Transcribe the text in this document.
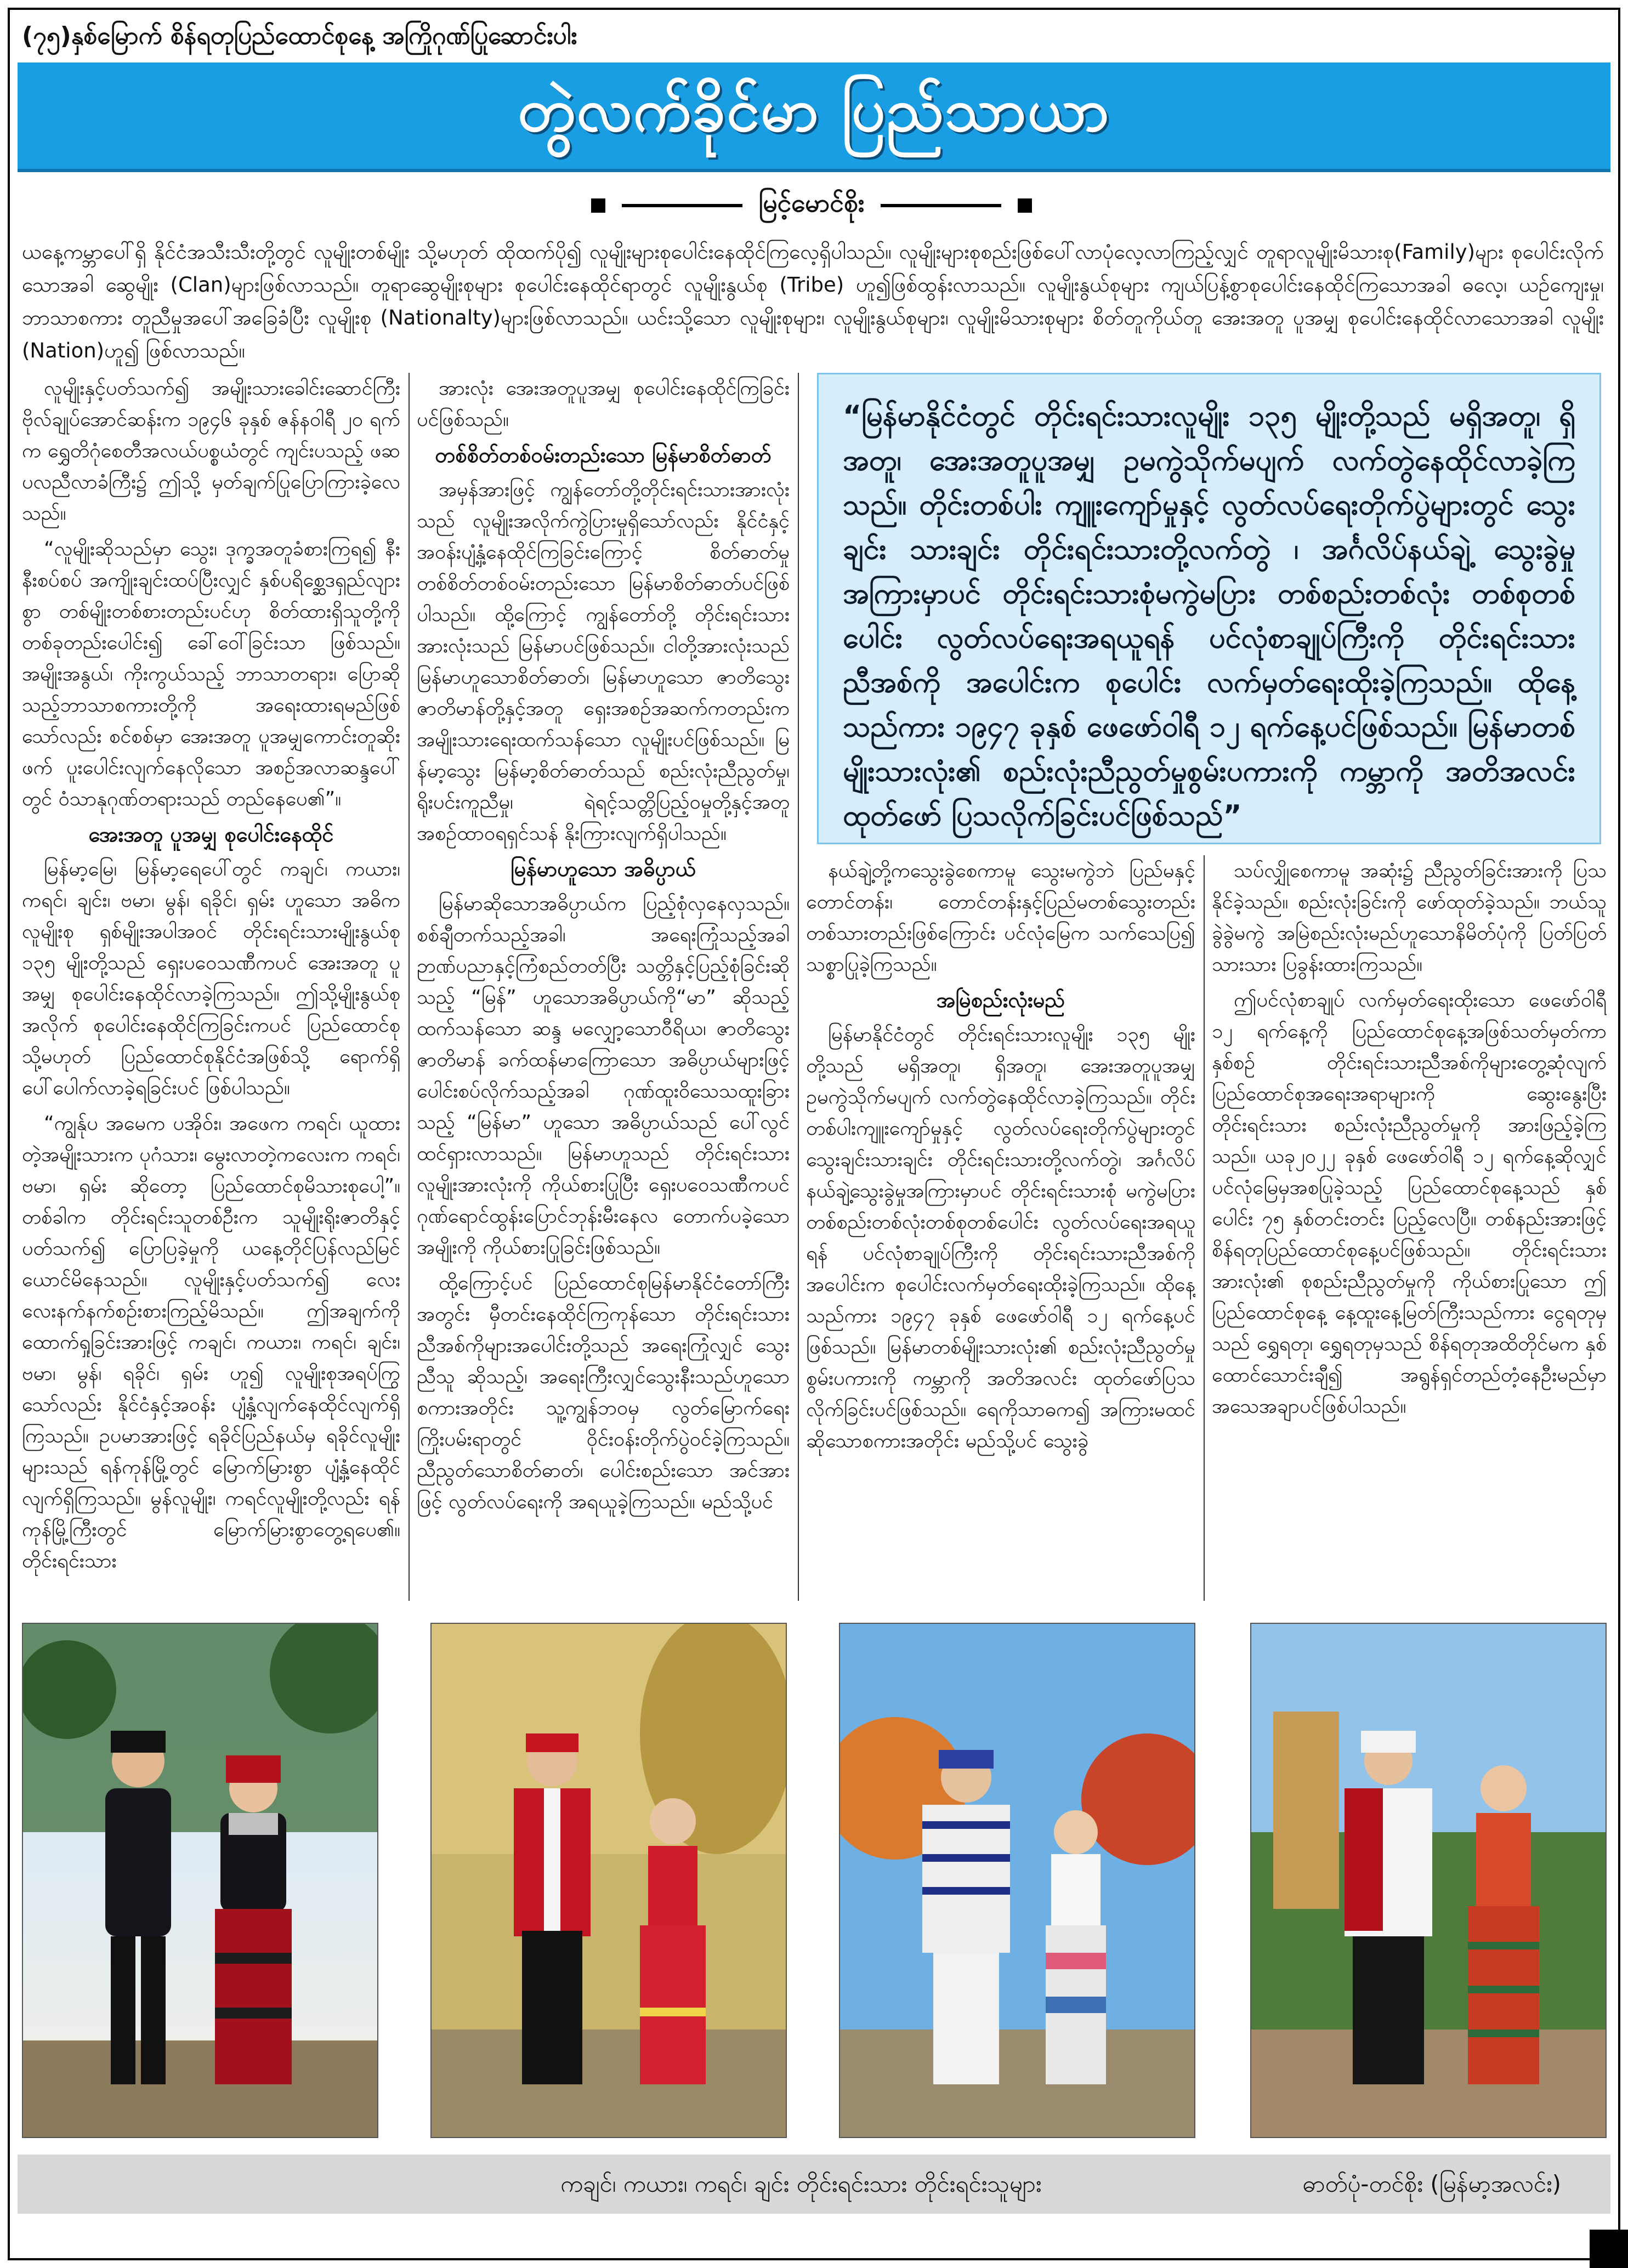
(၇၅)နှစ်မြောက် စိန်ရတုပြည်ထောင်စုနေ့ အကြိုဂုဏ်ပြုဆောင်းပါး
တွဲလက်ခိုင်မာ ပြည်သာယာ
မြင့်မောင်စိုး
ယနေ့ကမ္ဘာပေါ်ရှိ နိုင်ငံအသီးသီးတို့တွင် လူမျိုးတစ်မျိုး သို့မဟုတ် ထိုထက်ပို၍ လူမျိုးများစုပေါင်းနေထိုင်ကြလေ့ရှိပါသည်။ လူမျိုးများစုစည်းဖြစ်ပေါ်လာပုံလေ့လာကြည့်လျှင် တူရာလူမျိုးမိသားစု(Family)များ စုပေါင်းလိုက်သောအခါ ဆွေမျိုး (Clan)များဖြစ်လာသည်။ တူရာဆွေမျိုးစုများ စုပေါင်းနေထိုင်ရာတွင် လူမျိုးနွယ်စု (Tribe) ဟူ၍ဖြစ်ထွန်းလာသည်။ လူမျိုးနွယ်စုများ ကျယ်ပြန့်စွာစုပေါင်းနေထိုင်ကြသောအခါ ဓလေ့၊ ယဉ်ကျေးမှု၊ ဘာသာစကား တူညီမှုအပေါ်အခြေခံပြီး လူမျိုးစု (Nationalty)များဖြစ်လာသည်။ ယင်းသို့သော လူမျိုးစုများ၊ လူမျိုးနွယ်စုများ၊ လူမျိုးမိသားစုများ စိတ်တူကိုယ်တူ အေးအတူ ပူအမျှ စုပေါင်းနေထိုင်လာသောအခါ လူမျိုး (Nation)ဟူ၍ ဖြစ်လာသည်။

လူမျိုးနှင့်ပတ်သက်၍ အမျိုးသားခေါင်းဆောင်ကြီး ဗိုလ်ချုပ်အောင်ဆန်းက ၁၉၄၆ ခုနှစ် ဇန်နဝါရီ ၂၀ ရက်က ရွှေတိဂုံစေတီအလယ်ပစ္စယံတွင် ကျင်းပသည့် ဖဆပလညီလာခံကြီး၌ ဤသို့ မှတ်ချက်ပြုပြောကြားခဲ့လေသည်။

“လူမျိုးဆိုသည်မှာ သွေး၊ ဒုက္ခအတူခံစားကြရ၍ နီးနီးစပ်စပ် အကျိုးချင်းထပ်ပြီးလျှင် နှစ်ပရိစ္ဆေဒရှည်လျားစွာ တစ်မျိုးတစ်စားတည်းပင်ဟု စိတ်ထားရှိသူတို့ကို တစ်ခုတည်းပေါင်း၍ ခေါ်ဝေါ်ခြင်းသာ ဖြစ်သည်။ အမျိုးအနွယ်၊ ကိုးကွယ်သည့် ဘာသာတရား၊ ပြောဆိုသည့်ဘာသာစကားတို့ကို အရေးထားရမည်ဖြစ်သော်လည်း စင်စစ်မှာ အေးအတူ ပူအမျှကောင်းတူဆိုးဖက် ပူးပေါင်းလျက်နေလိုသော အစဉ်အလာဆန္ဒပေါ်တွင် ဝံသာနုဂုဏ်တရားသည် တည်နေပေ၏”။

အေးအတူ ပူအမျှ စုပေါင်းနေထိုင်

မြန်မာ့မြေ၊ မြန်မာ့ရေပေါ်တွင် ကချင်၊ ကယား၊ ကရင်၊ ချင်း၊ ဗမာ၊ မွန်၊ ရခိုင်၊ ရှမ်း ဟူသော အဓိကလူမျိုးစု ရှစ်မျိုးအပါအဝင် တိုင်းရင်းသားမျိုးနွယ်စု ၁၃၅ မျိုးတို့သည် ရှေးပဝေသဏီကပင် အေးအတူ ပူအမျှ စုပေါင်းနေထိုင်လာခဲ့ကြသည်။ ဤသို့မျိုးနွယ်စုအလိုက် စုပေါင်းနေထိုင်ကြခြင်းကပင် ပြည်ထောင်စု သို့မဟုတ် ပြည်ထောင်စုနိုင်ငံအဖြစ်သို့ ရောက်ရှိပေါ်ပေါက်လာခဲ့ရခြင်းပင် ဖြစ်ပါသည်။

“ကျွန်ုပ အမေက ပအိုဝ်း၊ အဖေက ကရင်၊ ယူထားတဲ့အမျိုးသားက ပုဂံသား၊ မွေးလာတဲ့ကလေးက ကရင်၊ ဗမာ၊ ရှမ်း ဆိုတော့ ပြည်ထောင်စုမိသားစုပေါ့”။ တစ်ခါက တိုင်းရင်းသူတစ်ဦးက သူမျိုးရိုးဇာတိနှင့်ပတ်သက်၍ ပြောပြခဲ့မှုကို ယနေ့တိုင်ပြန်လည်မြင်ယောင်မိနေသည်။ လူမျိုးနှင့်ပတ်သက်၍ လေးလေးနက်နက်စဉ်းစားကြည့်မိသည်။ ဤအချက်ကိုထောက်ရှုခြင်းအားဖြင့် ကချင်၊ ကယား၊ ကရင်၊ ချင်း၊ ဗမာ၊ မွန်၊ ရခိုင်၊ ရှမ်း ဟူ၍ လူမျိုးစုအရပ်ကြွသော်လည်း နိုင်ငံနှင့်အဝန်း ပျံ့နှံ့လျက်နေထိုင်လျက်ရှိကြသည်။ ဥပမာအားဖြင့် ရခိုင်ပြည်နယ်မှ ရခိုင်လူမျိုးများသည် ရန်ကုန်မြို့တွင် မြောက်မြားစွာ ပျံ့နှံ့နေထိုင်လျက်ရှိကြသည်။ မွန်လူမျိုး၊ ကရင်လူမျိုးတို့လည်း ရန်ကုန်မြို့ကြီးတွင် မြောက်မြားစွာတွေ့ရပေ၏။ တိုင်းရင်းသား

အားလုံး အေးအတူပူအမျှ စုပေါင်းနေထိုင်ကြခြင်း ပင်ဖြစ်သည်။

တစ်စိတ်တစ်ဝမ်းတည်းသော မြန်မာစိတ်ဓာတ်

အမှန်အားဖြင့် ကျွန်တော်တို့တိုင်းရင်းသားအားလုံးသည် လူမျိုးအလိုက်ကွဲပြားမှုရှိသော်လည်း နိုင်ငံနှင့် အဝန်းပျံ့နှံ့နေထိုင်ကြခြင်းကြောင့် စိတ်ဓာတ်မှု တစ်စိတ်တစ်ဝမ်းတည်းသော မြန်မာစိတ်ဓာတ်ပင်ဖြစ်ပါသည်။ ထို့ကြောင့် ကျွန်တော်တို့ တိုင်းရင်းသားအားလုံးသည် မြန်မာပင်ဖြစ်သည်။ ငါတို့အားလုံးသည် မြန်မာဟူသောစိတ်ဓာတ်၊ မြန်မာဟူသော ဇာတိသွေးဇာတိမာန်တို့နှင့်အတူ ရှေးအစဉ်အဆက်ကတည်းက အမျိုးသားရေးထက်သန်သော လူမျိုးပင်ဖြစ်သည်။ မြန်မာ့သွေး မြန်မာ့စိတ်ဓာတ်သည် စည်းလုံးညီညွတ်မှု၊ ရိုးပင်းကူညီမှု၊ ရဲရင့်သတ္တိပြည့်ဝမှုတို့နှင့်အတူ အစဉ်ထာဝရရှင်သန် နိုးကြားလျက်ရှိပါသည်။

မြန်မာဟူသော အဓိပ္ပာယ်

မြန်မာဆိုသောအဓိပ္ပာယ်က ပြည့်စုံလှနေလှသည်။ စစ်ချီတက်သည့်အခါ၊ အရေးကြုံသည့်အခါ ဉာဏ်ပညာနှင့်ကြံစည်တတ်ပြီး သတ္တိနှင့်ပြည့်စုံခြင်းဆိုသည့် “မြန်” ဟူသောအဓိပ္ပာယ်ကို“မာ” ဆိုသည့် ထက်သန်သော ဆန္ဒ မလျှော့သောဝီရိယ၊ ဇာတိသွေး ဇာတိမာန် ခက်ထန်မာကြောသော အဓိပ္ပာယ်များဖြင့် ပေါင်းစပ်လိုက်သည့်အခါ ဂုဏ်ထူးဝိသေသထူးခြားသည့် “မြန်မာ” ဟူသော အဓိပ္ပာယ်သည် ပေါ်လွင်ထင်ရှားလာသည်။ မြန်မာဟူသည် တိုင်းရင်းသားလူမျိုးအားလုံးကို ကိုယ်စားပြုပြီး ရှေးပဝေသဏီကပင် ဂုဏ်ရောင်ထွန်းပြောင်ဘုန်းမီးနေလ တောက်ပခဲ့သော အမျိုးကို ကိုယ်စားပြုခြင်းဖြစ်သည်။

ထို့ကြောင့်ပင် ပြည်ထောင်စုမြန်မာနိုင်ငံတော်ကြီးအတွင်း မှီတင်းနေထိုင်ကြကုန်သော တိုင်းရင်းသားညီအစ်ကိုများအပေါင်းတို့သည် အရေးကြုံလျှင် သွေးညီသူ ဆိုသည့်၊ အရေးကြီးလျှင်သွေးနီးသည်ဟူသော စကားအတိုင်း သူ့ကျွန်ဘဝမှ လွတ်မြောက်ရေးကြိုးပမ်းရာတွင် ဝိုင်းဝန်းတိုက်ပွဲဝင်ခဲ့ကြသည်။ ညီညွတ်သောစိတ်ဓာတ်၊ ပေါင်းစည်းသော အင်အားဖြင့် လွတ်လပ်ရေးကို အရယူခဲ့ကြသည်။ မည်သို့ပင်

“မြန်မာနိုင်ငံတွင် တိုင်းရင်းသားလူမျိုး ၁၃၅ မျိုးတို့သည် မရှိအတူ၊ ရှိအတူ၊ အေးအတူပူအမျှ ဥမကွဲသိုက်မပျက် လက်တွဲနေထိုင်လာခဲ့ကြသည်။ တိုင်းတစ်ပါး ကျူးကျော်မှုနှင့် လွတ်လပ်ရေးတိုက်ပွဲများတွင် သွေးချင်း သားချင်း တိုင်းရင်းသားတို့လက်တွဲ ၊ အင်္ဂလိပ်နယ်ချဲ့ သွေးခွဲမှုအကြားမှာပင် တိုင်းရင်းသားစုံမကွဲမပြား တစ်စည်းတစ်လုံး တစ်စုတစ်ပေါင်း လွတ်လပ်ရေးအရယူရန် ပင်လုံစာချုပ်ကြီးကို တိုင်းရင်းသားညီအစ်ကို အပေါင်းက စုပေါင်း လက်မှတ်ရေးထိုးခဲ့ကြသည်။ ထိုနေ့သည်ကား ၁၉၄၇ ခုနှစ် ဖေဖော်ဝါရီ ၁၂ ရက်နေ့ပင်ဖြစ်သည်။ မြန်မာတစ်မျိုးသားလုံး၏ စည်းလုံးညီညွတ်မှုစွမ်းပကားကို ကမ္ဘာကို အတိအလင်း ထုတ်ဖော် ပြသလိုက်ခြင်းပင်ဖြစ်သည်”

နယ်ချဲ့တို့ကသွေးခွဲစေကာမူ သွေးမကွဲဘဲ ပြည်မနှင့်တောင်တန်း၊ တောင်တန်းနှင့်ပြည်မတစ်သွေးတည်း တစ်သားတည်းဖြစ်ကြောင်း ပင်လုံမြေက သက်သေပြ၍ သစ္စာပြုခဲ့ကြသည်။

အမြဲစည်းလုံးမည်

မြန်မာနိုင်ငံတွင် တိုင်းရင်းသားလူမျိုး ၁၃၅ မျိုးတို့သည် မရှိအတူ၊ ရှိအတူ၊ အေးအတူပူအမျှ ဥမကွဲသိုက်မပျက် လက်တွဲနေထိုင်လာခဲ့ကြသည်။ တိုင်းတစ်ပါးကျူးကျော်မှုနှင့် လွတ်လပ်ရေးတိုက်ပွဲများတွင် သွေးချင်းသားချင်း တိုင်းရင်းသားတို့လက်တွဲ၊ အင်္ဂလိပ်နယ်ချဲ့သွေးခွဲမှုအကြားမှာပင် တိုင်းရင်းသားစုံ မကွဲမပြားတစ်စည်းတစ်လုံးတစ်စုတစ်ပေါင်း လွတ်လပ်ရေးအရယူရန် ပင်လုံစာချုပ်ကြီးကို တိုင်းရင်းသားညီအစ်ကိုအပေါင်းက စုပေါင်းလက်မှတ်ရေးထိုးခဲ့ကြသည်။ ထိုနေ့သည်ကား ၁၉၄၇ ခုနှစ် ဖေဖော်ဝါရီ ၁၂ ရက်နေ့ပင်ဖြစ်သည်။ မြန်မာတစ်မျိုးသားလုံး၏ စည်းလုံးညီညွတ်မှုစွမ်းပကားကို ကမ္ဘာကို အတိအလင်း ထုတ်ဖော်ပြသလိုက်ခြင်းပင်ဖြစ်သည်။ ရေကိုသာဓက၍ အကြားမထင် ဆိုသောစကားအတိုင်း မည်သို့ပင် သွေးခွဲ

သပ်လျှိုစေကာမူ အဆုံး၌ ညီညွတ်ခြင်းအားကို ပြသနိုင်ခဲ့သည်။ စည်းလုံးခြင်းကို ဖော်ထုတ်ခဲ့သည်။ ဘယ်သူခွဲခွဲမကွဲ အမြဲစည်းလုံးမည်ဟူသောနိမိတ်ပုံကို ပြတ်ပြတ်သားသား ပြခွန်းထားကြသည်။

ဤပင်လုံစာချုပ် လက်မှတ်ရေးထိုးသော ဖေဖော်ဝါရီ ၁၂ ရက်နေ့ကို ပြည်ထောင်စုနေ့အဖြစ်သတ်မှတ်ကာ နှစ်စဉ် တိုင်းရင်းသားညီအစ်ကိုများတွေ့ဆုံလျက် ပြည်ထောင်စုအရေးအရာများကို ဆွေးနွေးပြီး တိုင်းရင်းသား စည်းလုံးညီညွတ်မှုကို အားဖြည့်ခဲ့ကြသည်။ ယခု၂၀၂၂ ခုနှစ် ဖေဖော်ဝါရီ ၁၂ ရက်နေ့ဆိုလျှင် ပင်လုံမြေမှအစပြုခဲ့သည့် ပြည်ထောင်စုနေ့သည် နှစ်ပေါင်း ၇၅ နှစ်တင်းတင်း ပြည့်လေပြီ။ တစ်နည်းအားဖြင့် စိန်ရတုပြည်ထောင်စုနေ့ပင်ဖြစ်သည်။ တိုင်းရင်းသားအားလုံး၏ စုစည်းညီညွတ်မှုကို ကိုယ်စားပြုသော ဤ ပြည်ထောင်စုနေ့ နေ့ထူးနေ့မြတ်ကြီးသည်ကား ငွေရတုမှသည် ရွှေရတု၊ ရွှေရတုမှသည် စိန်ရတုအထိတိုင်မက နှစ်ထောင်သောင်းချီ၍ အရွန်ရှင်တည်တံ့နေဦးမည်မှာ အသေအချာပင်ဖြစ်ပါသည်။

ကချင်၊ ကယား၊ ကရင်၊ ချင်း တိုင်းရင်းသား တိုင်းရင်းသူများ	ဓာတ်ပုံ-တင်စိုး (မြန်မာ့အလင်း)
